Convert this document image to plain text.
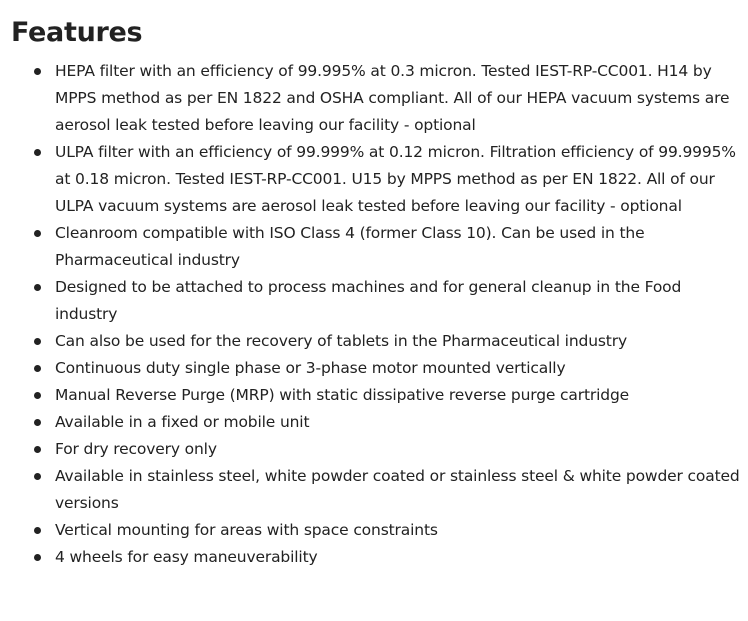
Features
HEPA filter with an efficiency of 99.995% at 0.3 micron. Tested IEST-RP-CC001. H14 by MPPS method as per EN 1822 and OSHA compliant. All of our HEPA vacuum systems are aerosol leak tested before leaving our facility - optional
ULPA filter with an efficiency of 99.999% at 0.12 micron. Filtration efficiency of 99.9995% at 0.18 micron. Tested IEST-RP-CC001. U15 by MPPS method as per EN 1822. All of our ULPA vacuum systems are aerosol leak tested before leaving our facility - optional
Cleanroom compatible with ISO Class 4 (former Class 10). Can be used in the Pharmaceutical industry
Designed to be attached to process machines and for general cleanup in the Food industry
Can also be used for the recovery of tablets in the Pharmaceutical industry
Continuous duty single phase or 3-phase motor mounted vertically
Manual Reverse Purge (MRP) with static dissipative reverse purge cartridge
Available in a fixed or mobile unit
For dry recovery only
Available in stainless steel, white powder coated or stainless steel & white powder coated versions
Vertical mounting for areas with space constraints
4 wheels for easy maneuverability
